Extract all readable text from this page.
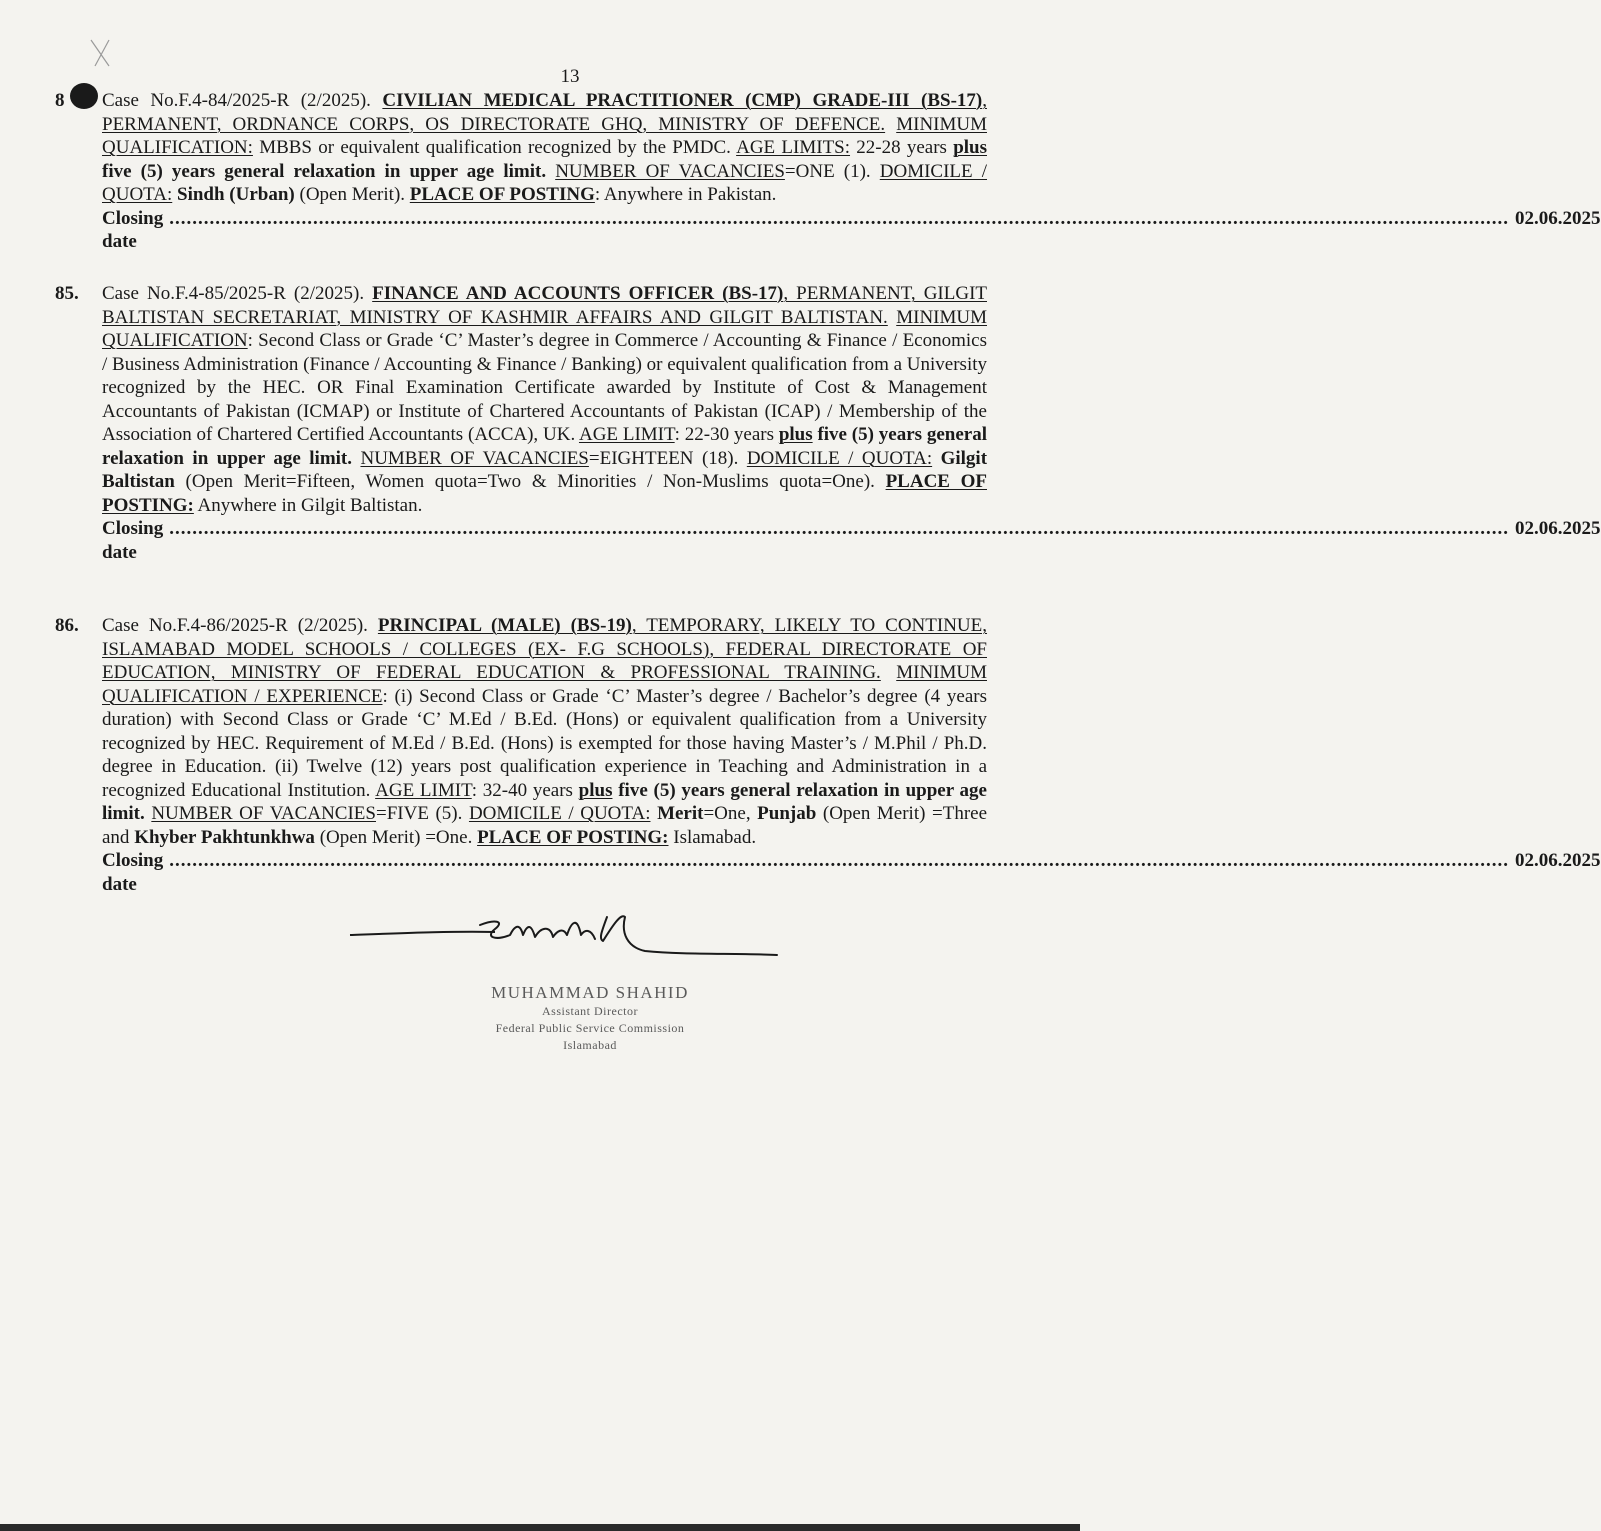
13
8	Case No.F.4-84/2025-R (2/2025). CIVILIAN MEDICAL PRACTITIONER (CMP) GRADE-III (BS-17), PERMANENT, ORDNANCE CORPS, OS DIRECTORATE GHQ, MINISTRY OF DEFENCE. MINIMUM QUALIFICATION: MBBS or equivalent qualification recognized by the PMDC. AGE LIMITS: 22-28 years plus five (5) years general relaxation in upper age limit. NUMBER OF VACANCIES=ONE (1). DOMICILE / QUOTA: Sindh (Urban) (Open Merit). PLACE OF POSTING: Anywhere in Pakistan.
Closing date
......................................................................................................................................................................................................................................... 02.06.2025
85.	Case No.F.4-85/2025-R (2/2025). FINANCE AND ACCOUNTS OFFICER (BS-17), PERMANENT, GILGIT BALTISTAN SECRETARIAT, MINISTRY OF KASHMIR AFFAIRS AND GILGIT BALTISTAN. MINIMUM QUALIFICATION: Second Class or Grade ‘C’ Master’s degree in Commerce / Accounting & Finance / Economics / Business Administration (Finance / Accounting & Finance / Banking) or equivalent qualification from a University recognized by the HEC. OR Final Examination Certificate awarded by Institute of Cost & Management Accountants of Pakistan (ICMAP) or Institute of Chartered Accountants of Pakistan (ICAP) / Membership of the Association of Chartered Certified Accountants (ACCA), UK. AGE LIMIT: 22-30 years plus five (5) years general relaxation in upper age limit. NUMBER OF VACANCIES=EIGHTEEN (18). DOMICILE / QUOTA: Gilgit Baltistan (Open Merit=Fifteen, Women quota=Two & Minorities / Non-Muslims quota=One). PLACE OF POSTING: Anywhere in Gilgit Baltistan.
Closing date
......................................................................................................................................................................................................................................... 02.06.2025
86.	Case No.F.4-86/2025-R (2/2025). PRINCIPAL (MALE) (BS-19), TEMPORARY, LIKELY TO CONTINUE, ISLAMABAD MODEL SCHOOLS / COLLEGES (EX- F.G SCHOOLS), FEDERAL DIRECTORATE OF EDUCATION, MINISTRY OF FEDERAL EDUCATION & PROFESSIONAL TRAINING. MINIMUM QUALIFICATION / EXPERIENCE: (i) Second Class or Grade ‘C’ Master’s degree / Bachelor’s degree (4 years duration) with Second Class or Grade ‘C’ M.Ed / B.Ed. (Hons) or equivalent qualification from a University recognized by HEC. Requirement of M.Ed / B.Ed. (Hons) is exempted for those having Master’s / M.Phil / Ph.D. degree in Education. (ii) Twelve (12) years post qualification experience in Teaching and Administration in a recognized Educational Institution. AGE LIMIT: 32-40 years plus five (5) years general relaxation in upper age limit. NUMBER OF VACANCIES=FIVE (5). DOMICILE / QUOTA: Merit=One, Punjab (Open Merit) =Three and Khyber Pakhtunkhwa (Open Merit) =One. PLACE OF POSTING: Islamabad.
Closing date
......................................................................................................................................................................................................................................... 02.06.2025
MUHAMMAD SHAHID
Assistant Director
Federal Public Service Commission
Islamabad
